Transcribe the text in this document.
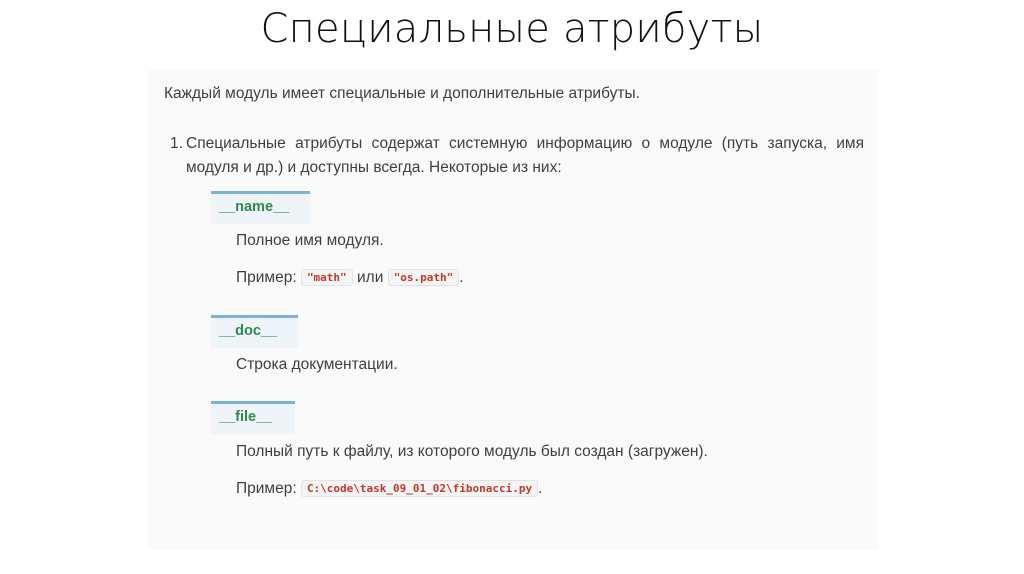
Специальные атрибуты
Каждый модуль имеет специальные и дополнительные атрибуты.
1. Специальные атрибуты содержат системную информацию о модуле (путь запуска, имя модуля и др.) и доступны всегда. Некоторые из них:
__name__
Полное имя модуля.
Пример: "math" или "os.path" .
__doc__
Строка документации.
__file__
Полный путь к файлу, из которого модуль был создан (загружен).
Пример: C:\code\task_09_01_02\fibonacci.py .
